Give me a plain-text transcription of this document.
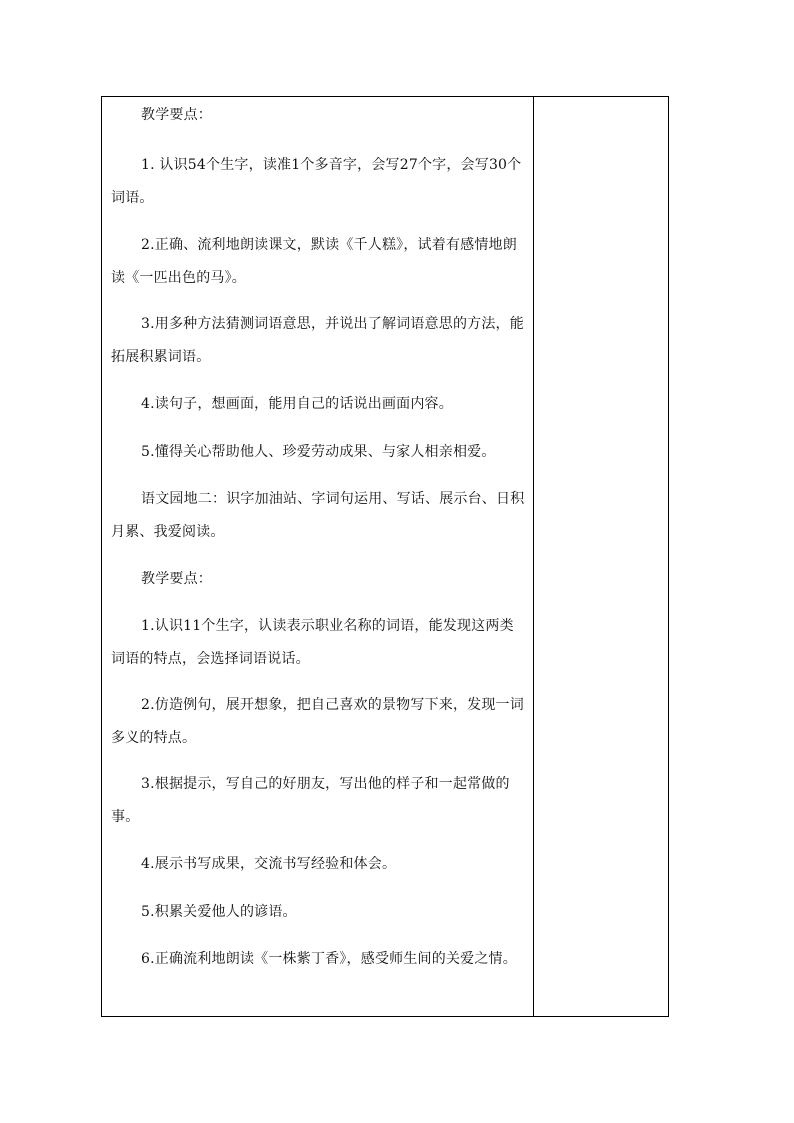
教学要点：

1. 认识54个生字，读准1个多音字，会写27个字，会写30个词语。

2.正确、流利地朗读课文，默读《千人糕》，试着有感情地朗读《一匹出色的马》。

3.用多种方法猜测词语意思，并说出了解词语意思的方法，能拓展积累词语。

4.读句子，想画面，能用自己的话说出画面内容。

5.懂得关心帮助他人、珍爱劳动成果、与家人相亲相爱。

语文园地二：识字加油站、字词句运用、写话、展示台、日积月累、我爱阅读。

教学要点：

1.认识11个生字，认读表示职业名称的词语，能发现这两类词语的特点，会选择词语说话。

2.仿造例句，展开想象，把自己喜欢的景物写下来，发现一词多义的特点。

3.根据提示，写自己的好朋友，写出他的样子和一起常做的事。

4.展示书写成果，交流书写经验和体会。

5.积累关爱他人的谚语。

6.正确流利地朗读《一株紫丁香》，感受师生间的关爱之情。
